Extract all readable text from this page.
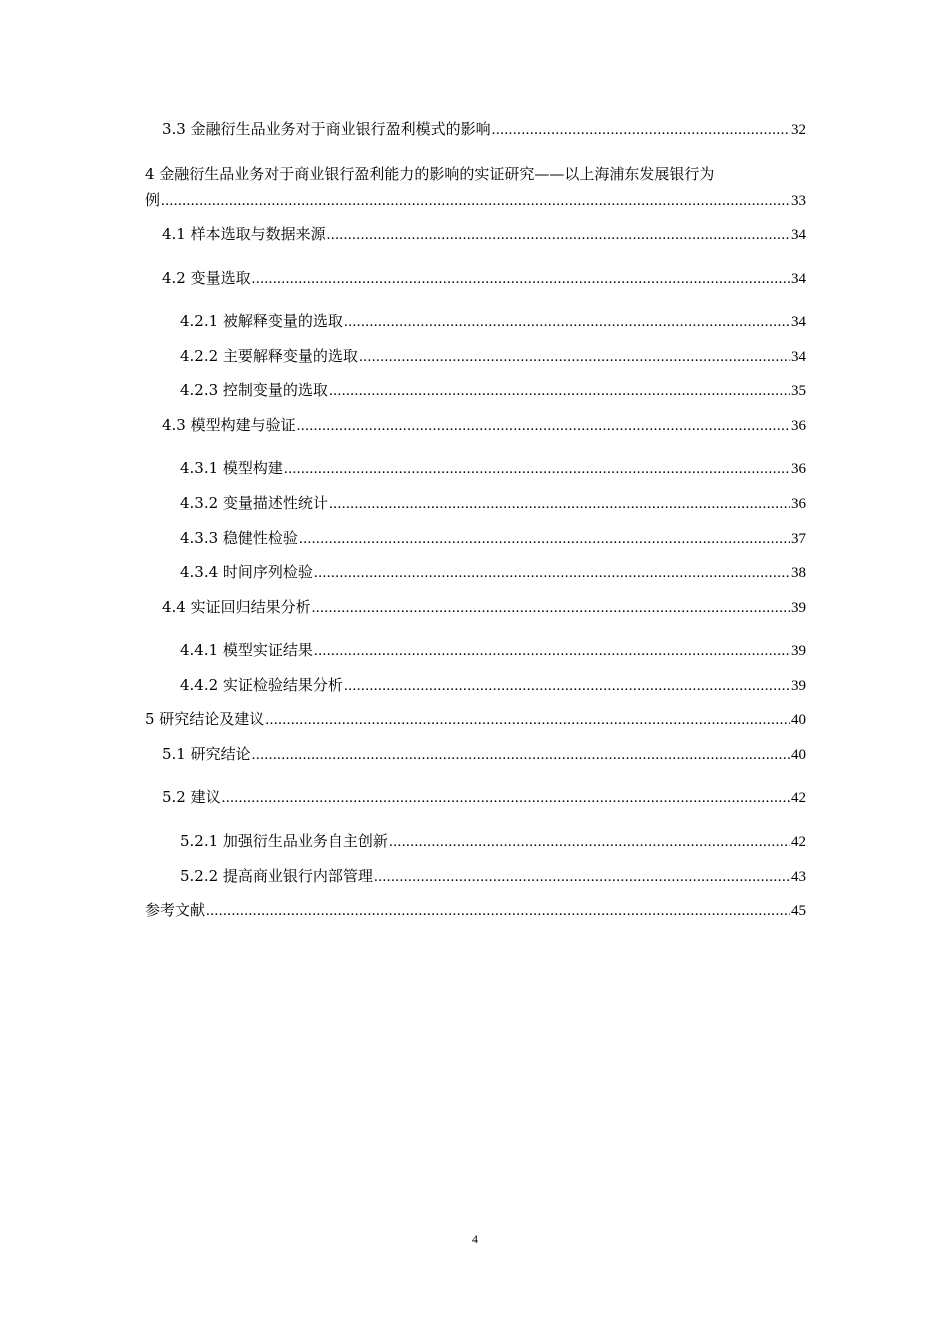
3.3 金融衍生品业务对于商业银行盈利模式的影响 .....	32
4 金融衍生品业务对于商业银行盈利能力的影响的实证研究——以上海浦东发展银行为
例 .....	33
4.1 样本选取与数据来源 .....	34
4.2 变量选取 .....	34
4.2.1 被解释变量的选取 .....	34
4.2.2 主要解释变量的选取 .....	34
4.2.3 控制变量的选取 .....	35
4.3 模型构建与验证 .....	36
4.3.1 模型构建 .....	36
4.3.2 变量描述性统计 .....	36
4.3.3 稳健性检验 .....	37
4.3.4 时间序列检验 .....	38
4.4 实证回归结果分析 .....	39
4.4.1 模型实证结果 .....	39
4.4.2 实证检验结果分析 .....	39
5 研究结论及建议 .....	40
5.1 研究结论 .....	40
5.2 建议 .....	42
5.2.1 加强衍生品业务自主创新 .....	42
5.2.2 提高商业银行内部管理 .....	43
参考文献 .....	45
4
